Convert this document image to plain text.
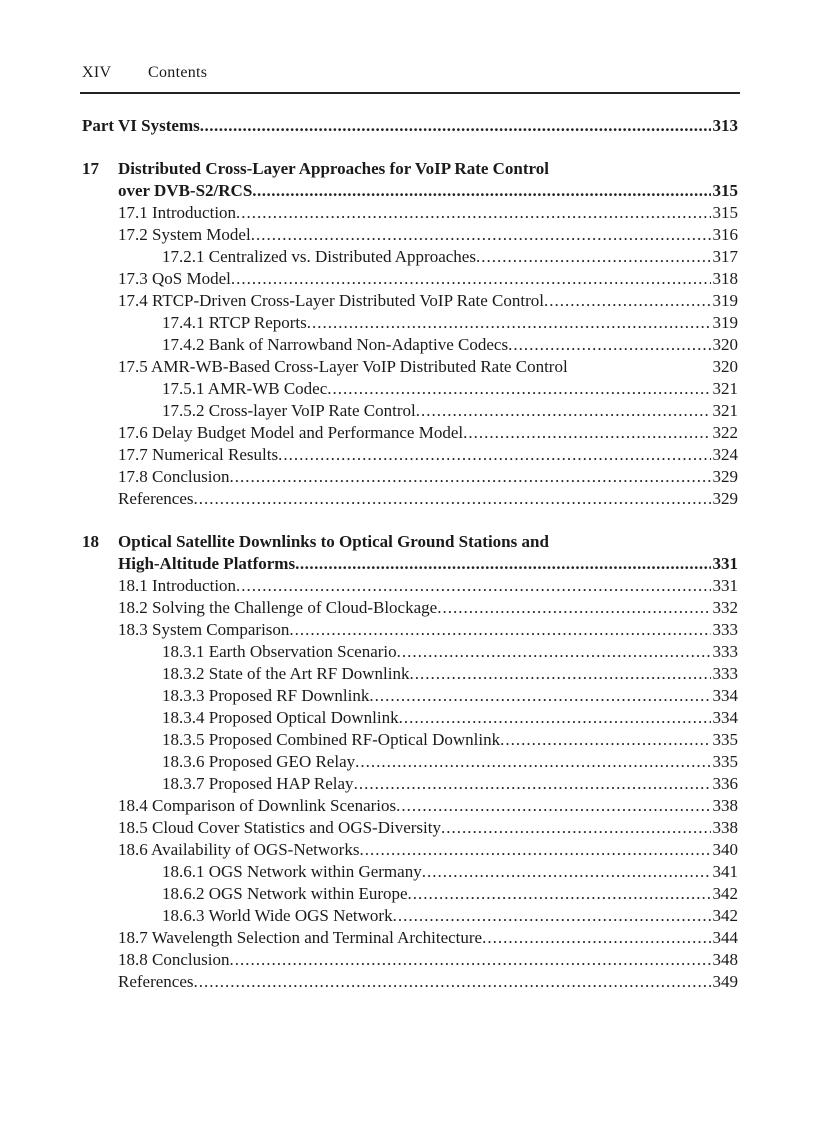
XIV Contents
Part VI Systems .....	313
17	Distributed Cross-Layer Approaches for VoIP Rate Control
over DVB-S2/RCS .....	315
17.1 Introduction .....	315
17.2 System Model .....	316
17.2.1 Centralized vs. Distributed Approaches .....	317
17.3 QoS Model .....	318
17.4 RTCP-Driven Cross-Layer Distributed VoIP Rate Control .....	319
17.4.1 RTCP Reports .....	319
17.4.2 Bank of Narrowband Non-Adaptive Codecs .....	320
17.5 AMR-WB-Based Cross-Layer VoIP Distributed Rate Control	320
17.5.1 AMR-WB Codec .....	321
17.5.2 Cross-layer VoIP Rate Control .....	321
17.6 Delay Budget Model and Performance Model .....	322
17.7 Numerical Results .....	324
17.8 Conclusion .....	329
References .....	329
18	Optical Satellite Downlinks to Optical Ground Stations and
High-Altitude Platforms .....	331
18.1 Introduction .....	331
18.2 Solving the Challenge of Cloud-Blockage .....	332
18.3 System Comparison .....	333
18.3.1 Earth Observation Scenario .....	333
18.3.2 State of the Art RF Downlink .....	333
18.3.3 Proposed RF Downlink .....	334
18.3.4 Proposed Optical Downlink .....	334
18.3.5 Proposed Combined RF-Optical Downlink .....	335
18.3.6 Proposed GEO Relay .....	335
18.3.7 Proposed HAP Relay .....	336
18.4 Comparison of Downlink Scenarios .....	338
18.5 Cloud Cover Statistics and OGS-Diversity .....	338
18.6 Availability of OGS-Networks .....	340
18.6.1 OGS Network within Germany .....	341
18.6.2 OGS Network within Europe .....	342
18.6.3 World Wide OGS Network .....	342
18.7 Wavelength Selection and Terminal Architecture .....	344
18.8 Conclusion .....	348
References .....	349
